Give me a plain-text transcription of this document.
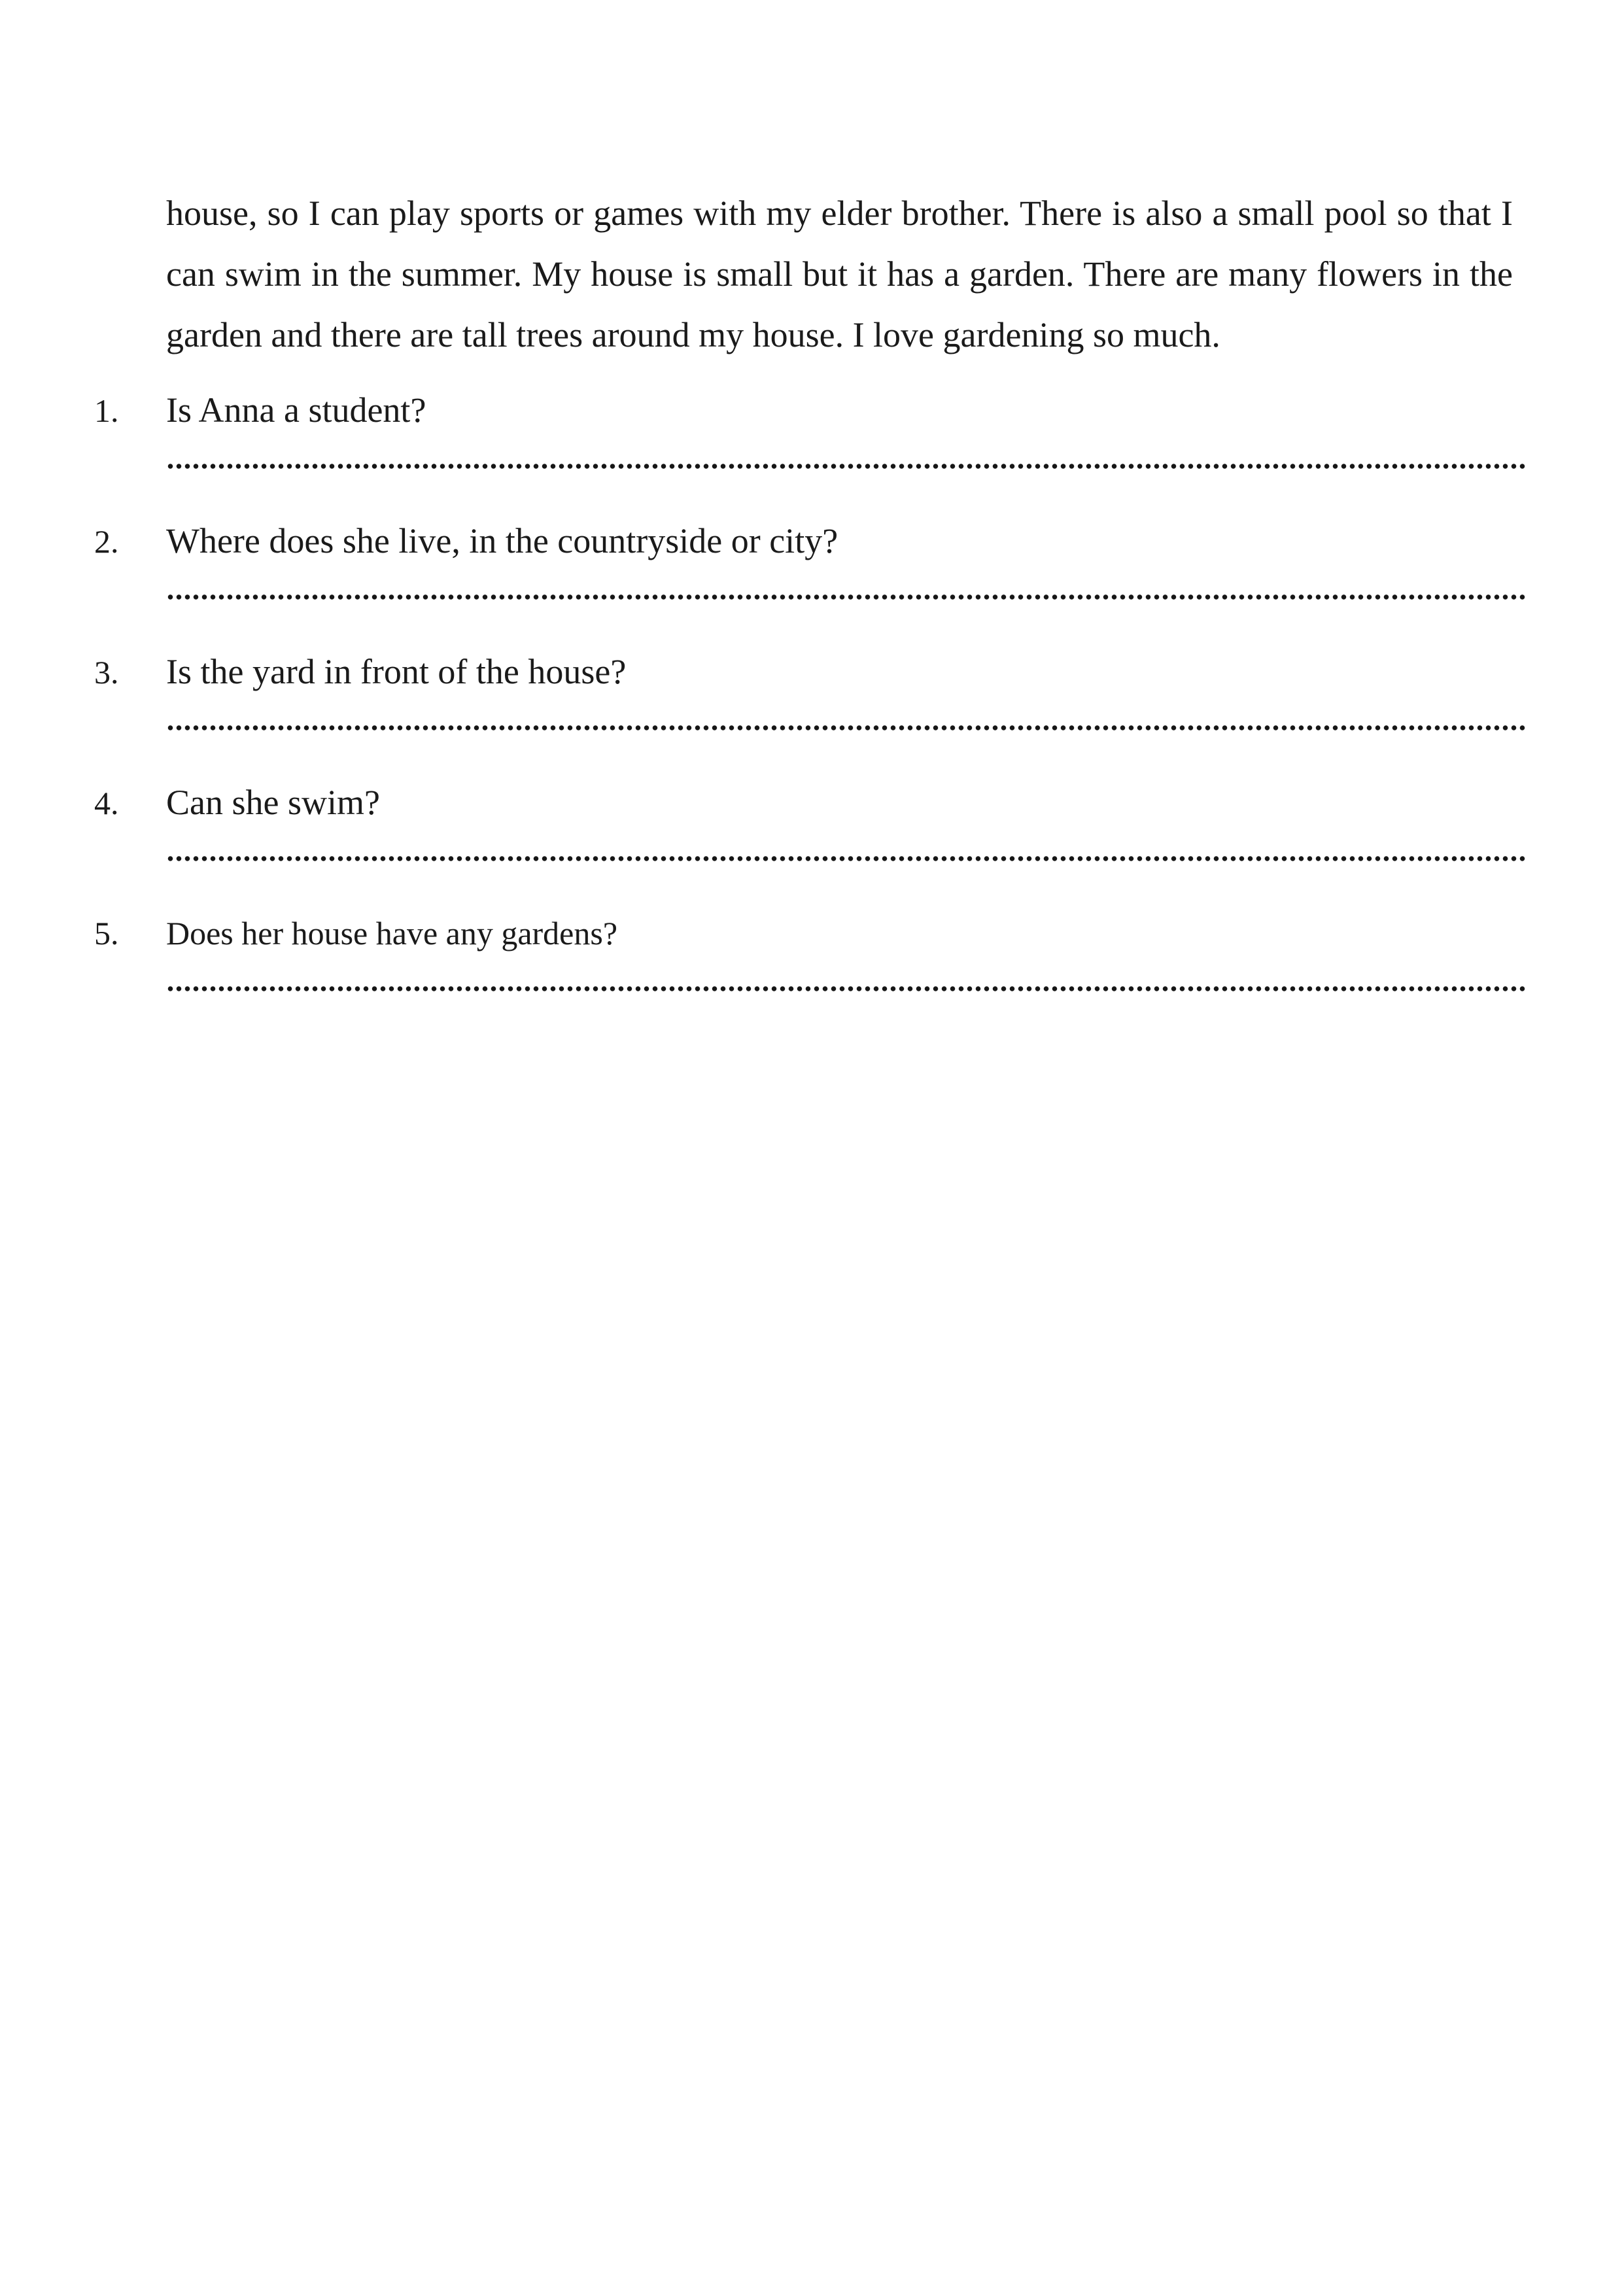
house, so I can play sports or games with my elder brother. There is also a small pool so that I can swim in the summer. My house is small but it has a garden. There are many flowers in the garden and there are tall trees around my house. I love gardening so much.

1.	Is Anna a student?
2.	Where does she live, in the countryside or city?
3.	Is the yard in front of the house?
4.	Can she swim?
5.	Does her house have any gardens?
